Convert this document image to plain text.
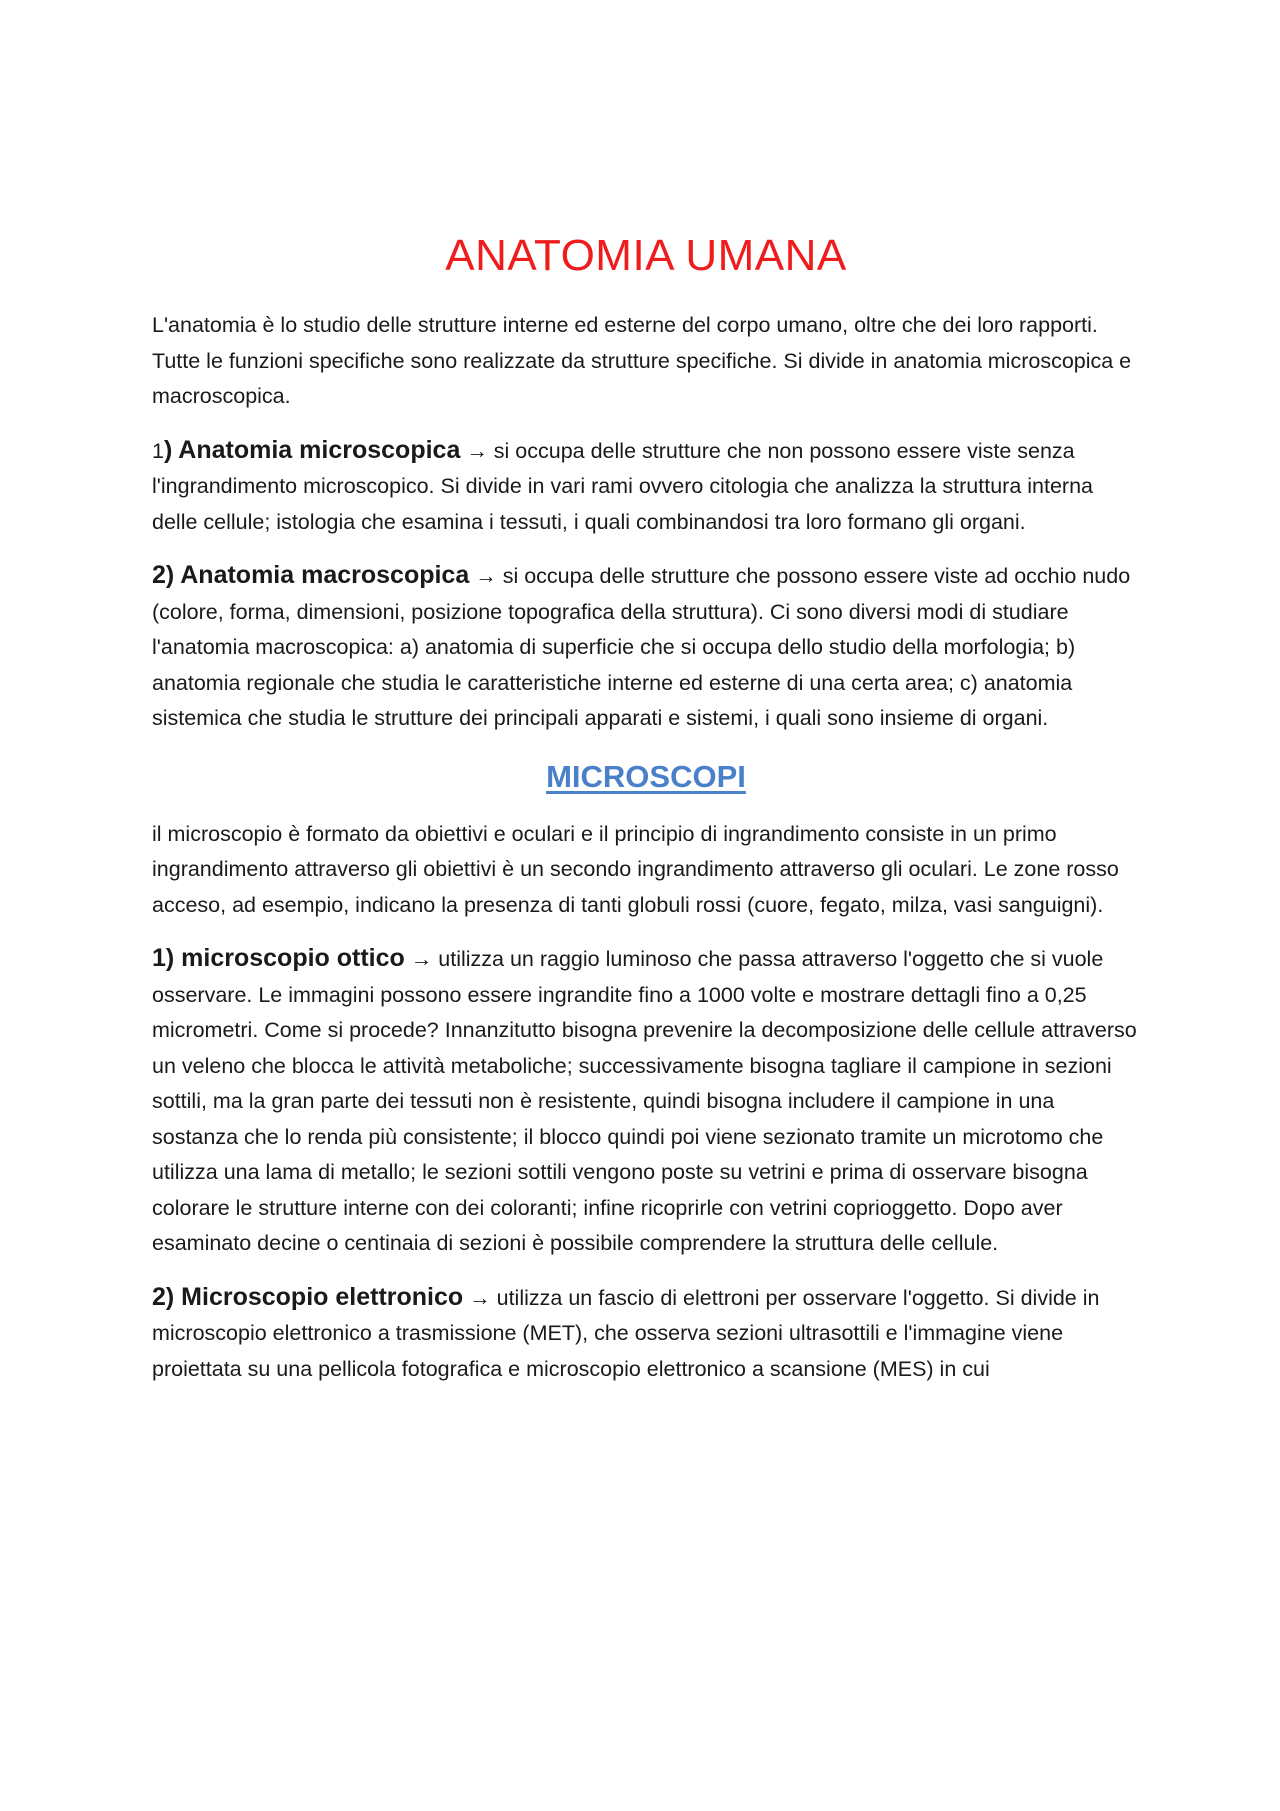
ANATOMIA UMANA

L'anatomia è lo studio delle strutture interne ed esterne del corpo umano, oltre che dei loro rapporti. Tutte le funzioni specifiche sono realizzate da strutture specifiche. Si divide in anatomia microscopica e macroscopica.

1) Anatomia microscopica → si occupa delle strutture che non possono essere viste senza l'ingrandimento microscopico. Si divide in vari rami ovvero citologia che analizza la struttura interna delle cellule; istologia che esamina i tessuti, i quali combinandosi tra loro formano gli organi.

2) Anatomia macroscopica → si occupa delle strutture che possono essere viste ad occhio nudo (colore, forma, dimensioni, posizione topografica della struttura). Ci sono diversi modi di studiare l'anatomia macroscopica: a) anatomia di superficie che si occupa dello studio della morfologia; b) anatomia regionale che studia le caratteristiche interne ed esterne di una certa area; c) anatomia sistemica che studia le strutture dei principali apparati e sistemi, i quali sono insieme di organi.

MICROSCOPI

il microscopio è formato da obiettivi e oculari e il principio di ingrandimento consiste in un primo ingrandimento attraverso gli obiettivi è un secondo ingrandimento attraverso gli oculari. Le zone rosso acceso, ad esempio, indicano la presenza di tanti globuli rossi (cuore, fegato, milza, vasi sanguigni).

1) microscopio ottico → utilizza un raggio luminoso che passa attraverso l'oggetto che si vuole osservare. Le immagini possono essere ingrandite fino a 1000 volte e mostrare dettagli fino a 0,25 micrometri. Come si procede? Innanzitutto bisogna prevenire la decomposizione delle cellule attraverso un veleno che blocca le attività metaboliche; successivamente bisogna tagliare il campione in sezioni sottili, ma la gran parte dei tessuti non è resistente, quindi bisogna includere il campione in una sostanza che lo renda più consistente; il blocco quindi poi viene sezionato tramite un microtomo che utilizza una lama di metallo; le sezioni sottili vengono poste su vetrini e prima di osservare bisogna colorare le strutture interne con dei coloranti; infine ricoprirle con vetrini coprioggetto. Dopo aver esaminato decine o centinaia di sezioni è possibile comprendere la struttura delle cellule.

2) Microscopio elettronico → utilizza un fascio di elettroni per osservare l'oggetto. Si divide in microscopio elettronico a trasmissione (MET), che osserva sezioni ultrasottili e l'immagine viene proiettata su una pellicola fotografica e microscopio elettronico a scansione (MES) in cui
